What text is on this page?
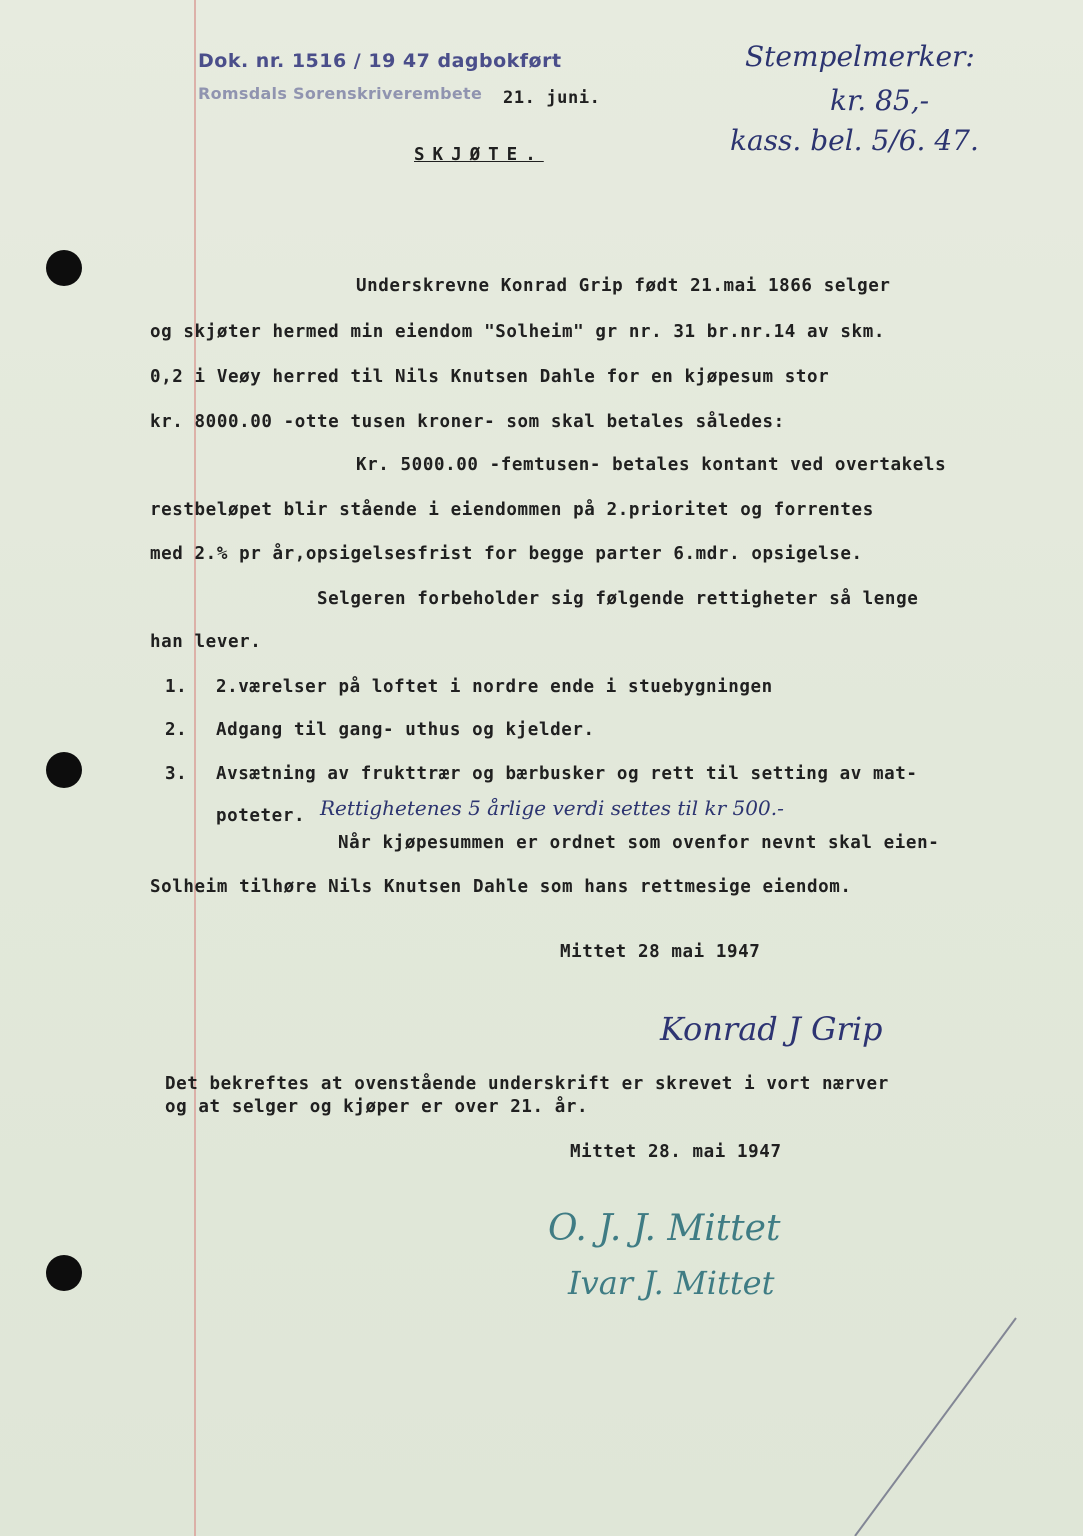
Dok. nr. 1516 / 19 47 dagbokført
Romsdals Sorenskriverembete 21. juni.
Stempelmerker:
kr. 85,-
kass. bel. 5/6. 47.
SKJØTE.
Underskrevne Konrad Grip født 21.mai 1866 selger
og skjøter hermed min eiendom "Solheim" gr nr. 31 br.nr.14 av skm.
0,2 i Veøy herred til Nils Knutsen Dahle for en kjøpesum stor
kr. 8000.00 -otte tusen kroner- som skal betales således:
Kr. 5000.00 -femtusen- betales kontant ved overtakels
restbeløpet blir stående i eiendommen på 2.prioritet og forrentes
med 2.% pr år,opsigelsesfrist for begge parter 6.mdr. opsigelse.
Selgeren forbeholder sig følgende rettigheter så lenge
han lever.
1. 2.værelser på loftet i nordre ende i stuebygningen
2. Adgang til gang- uthus og kjelder.
3. Avsætning av frukttrær og bærbusker og rett til setting av mat-
poteter. Rettighetenes 5 årlige verdi settes til kr 500.-
Når kjøpesummen er ordnet som ovenfor nevnt skal eien-
Solheim tilhøre Nils Knutsen Dahle som hans rettmesige eiendom.
Mittet 28 mai 1947
Konrad J Grip
Det bekreftes at ovenstående underskrift er skrevet i vort nærver
og at selger og kjøper er over 21. år.
Mittet 28. mai 1947
O. J. J. Mittet
Ivar J. Mittet
